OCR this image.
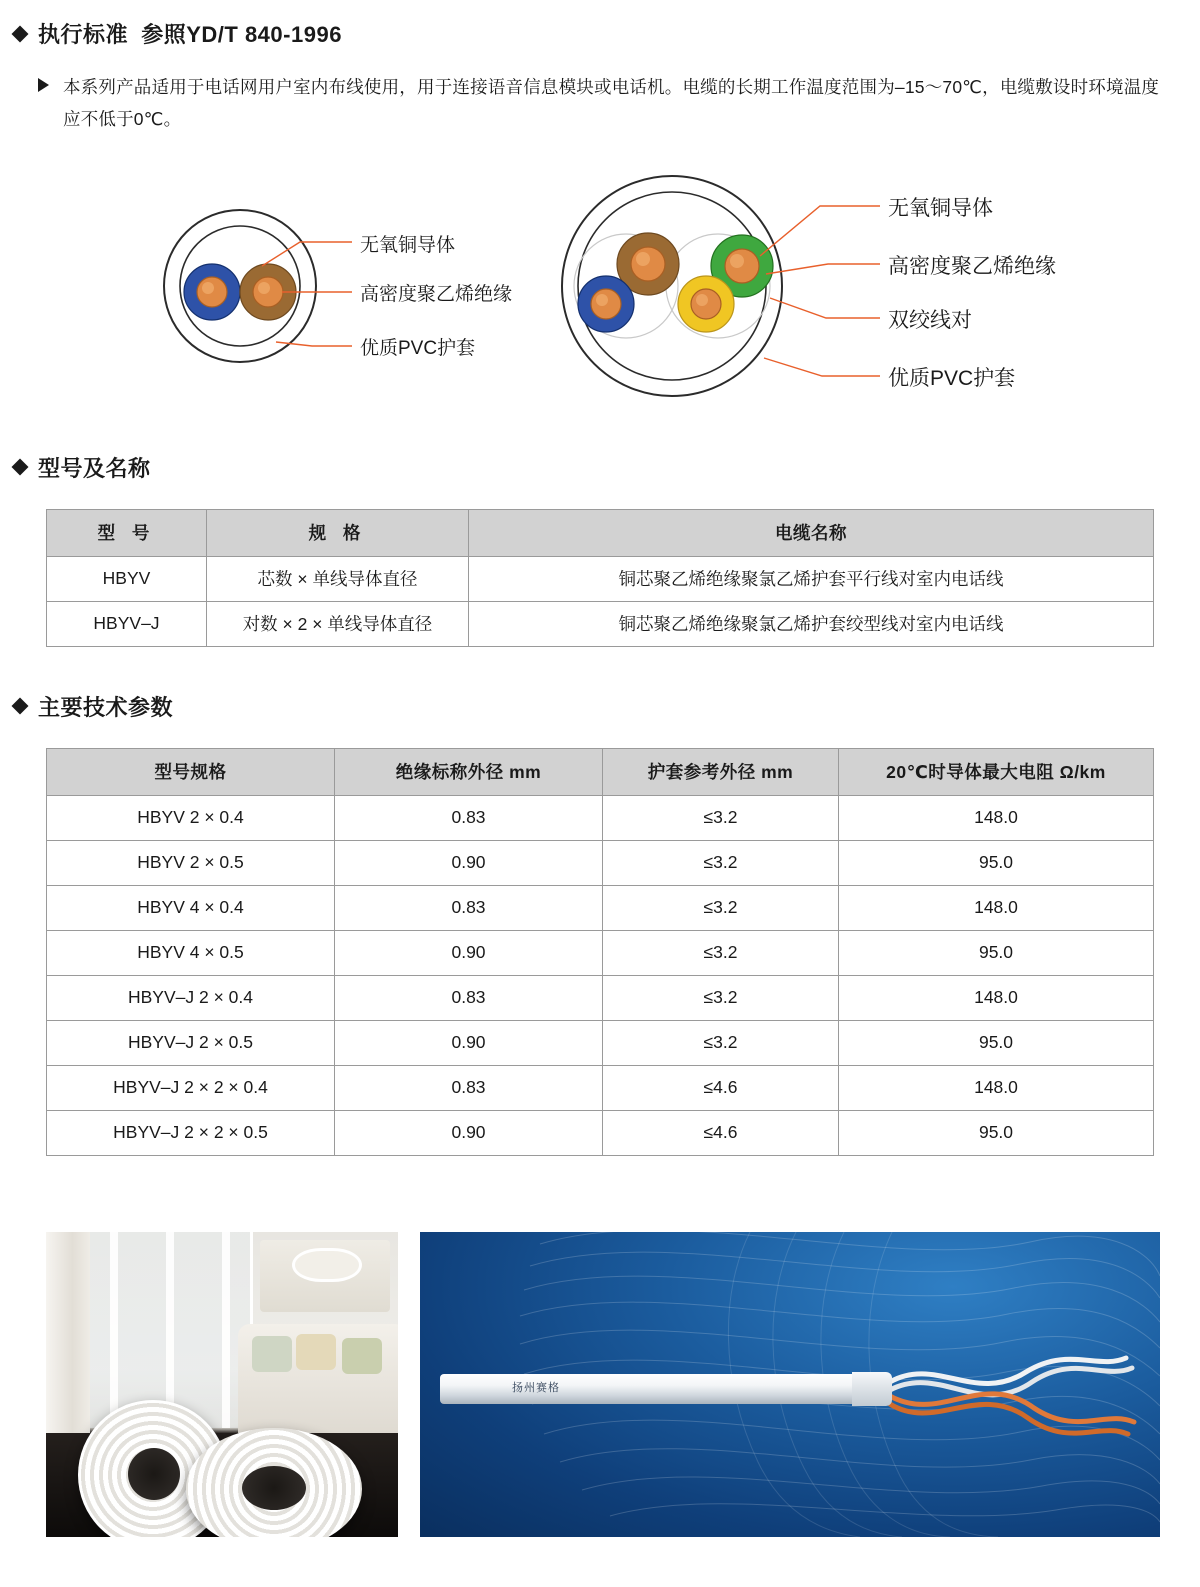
执行标准  参照YD/T 840-1996
本系列产品适用于电话网用户室内布线使用，用于连接语音信息模块或电话机。电缆的长期工作温度范围为–15～70℃，电缆敷设时环境温度应不低于0℃。
无氧铜导体
高密度聚乙烯绝缘
优质PVC护套
无氧铜导体
高密度聚乙烯绝缘
双绞线对
优质PVC护套
型号及名称
型 号	规 格	电缆名称
HBYV	芯数 × 单线导体直径	铜芯聚乙烯绝缘聚氯乙烯护套平行线对室内电话线
HBYV–J	对数 × 2 × 单线导体直径	铜芯聚乙烯绝缘聚氯乙烯护套绞型线对室内电话线
主要技术参数
型号规格	绝缘标称外径 mm	护套参考外径 mm	20℃时导体最大电阻 Ω/km
HBYV 2 × 0.4	0.83	≤3.2	148.0
HBYV 2 × 0.5	0.90	≤3.2	95.0
HBYV 4 × 0.4	0.83	≤3.2	148.0
HBYV 4 × 0.5	0.90	≤3.2	95.0
HBYV–J 2 × 0.4	0.83	≤3.2	148.0
HBYV–J 2 × 0.5	0.90	≤3.2	95.0
HBYV–J 2 × 2 × 0.4	0.83	≤4.6	148.0
HBYV–J 2 × 2 × 0.5	0.90	≤4.6	95.0
扬州赛格
